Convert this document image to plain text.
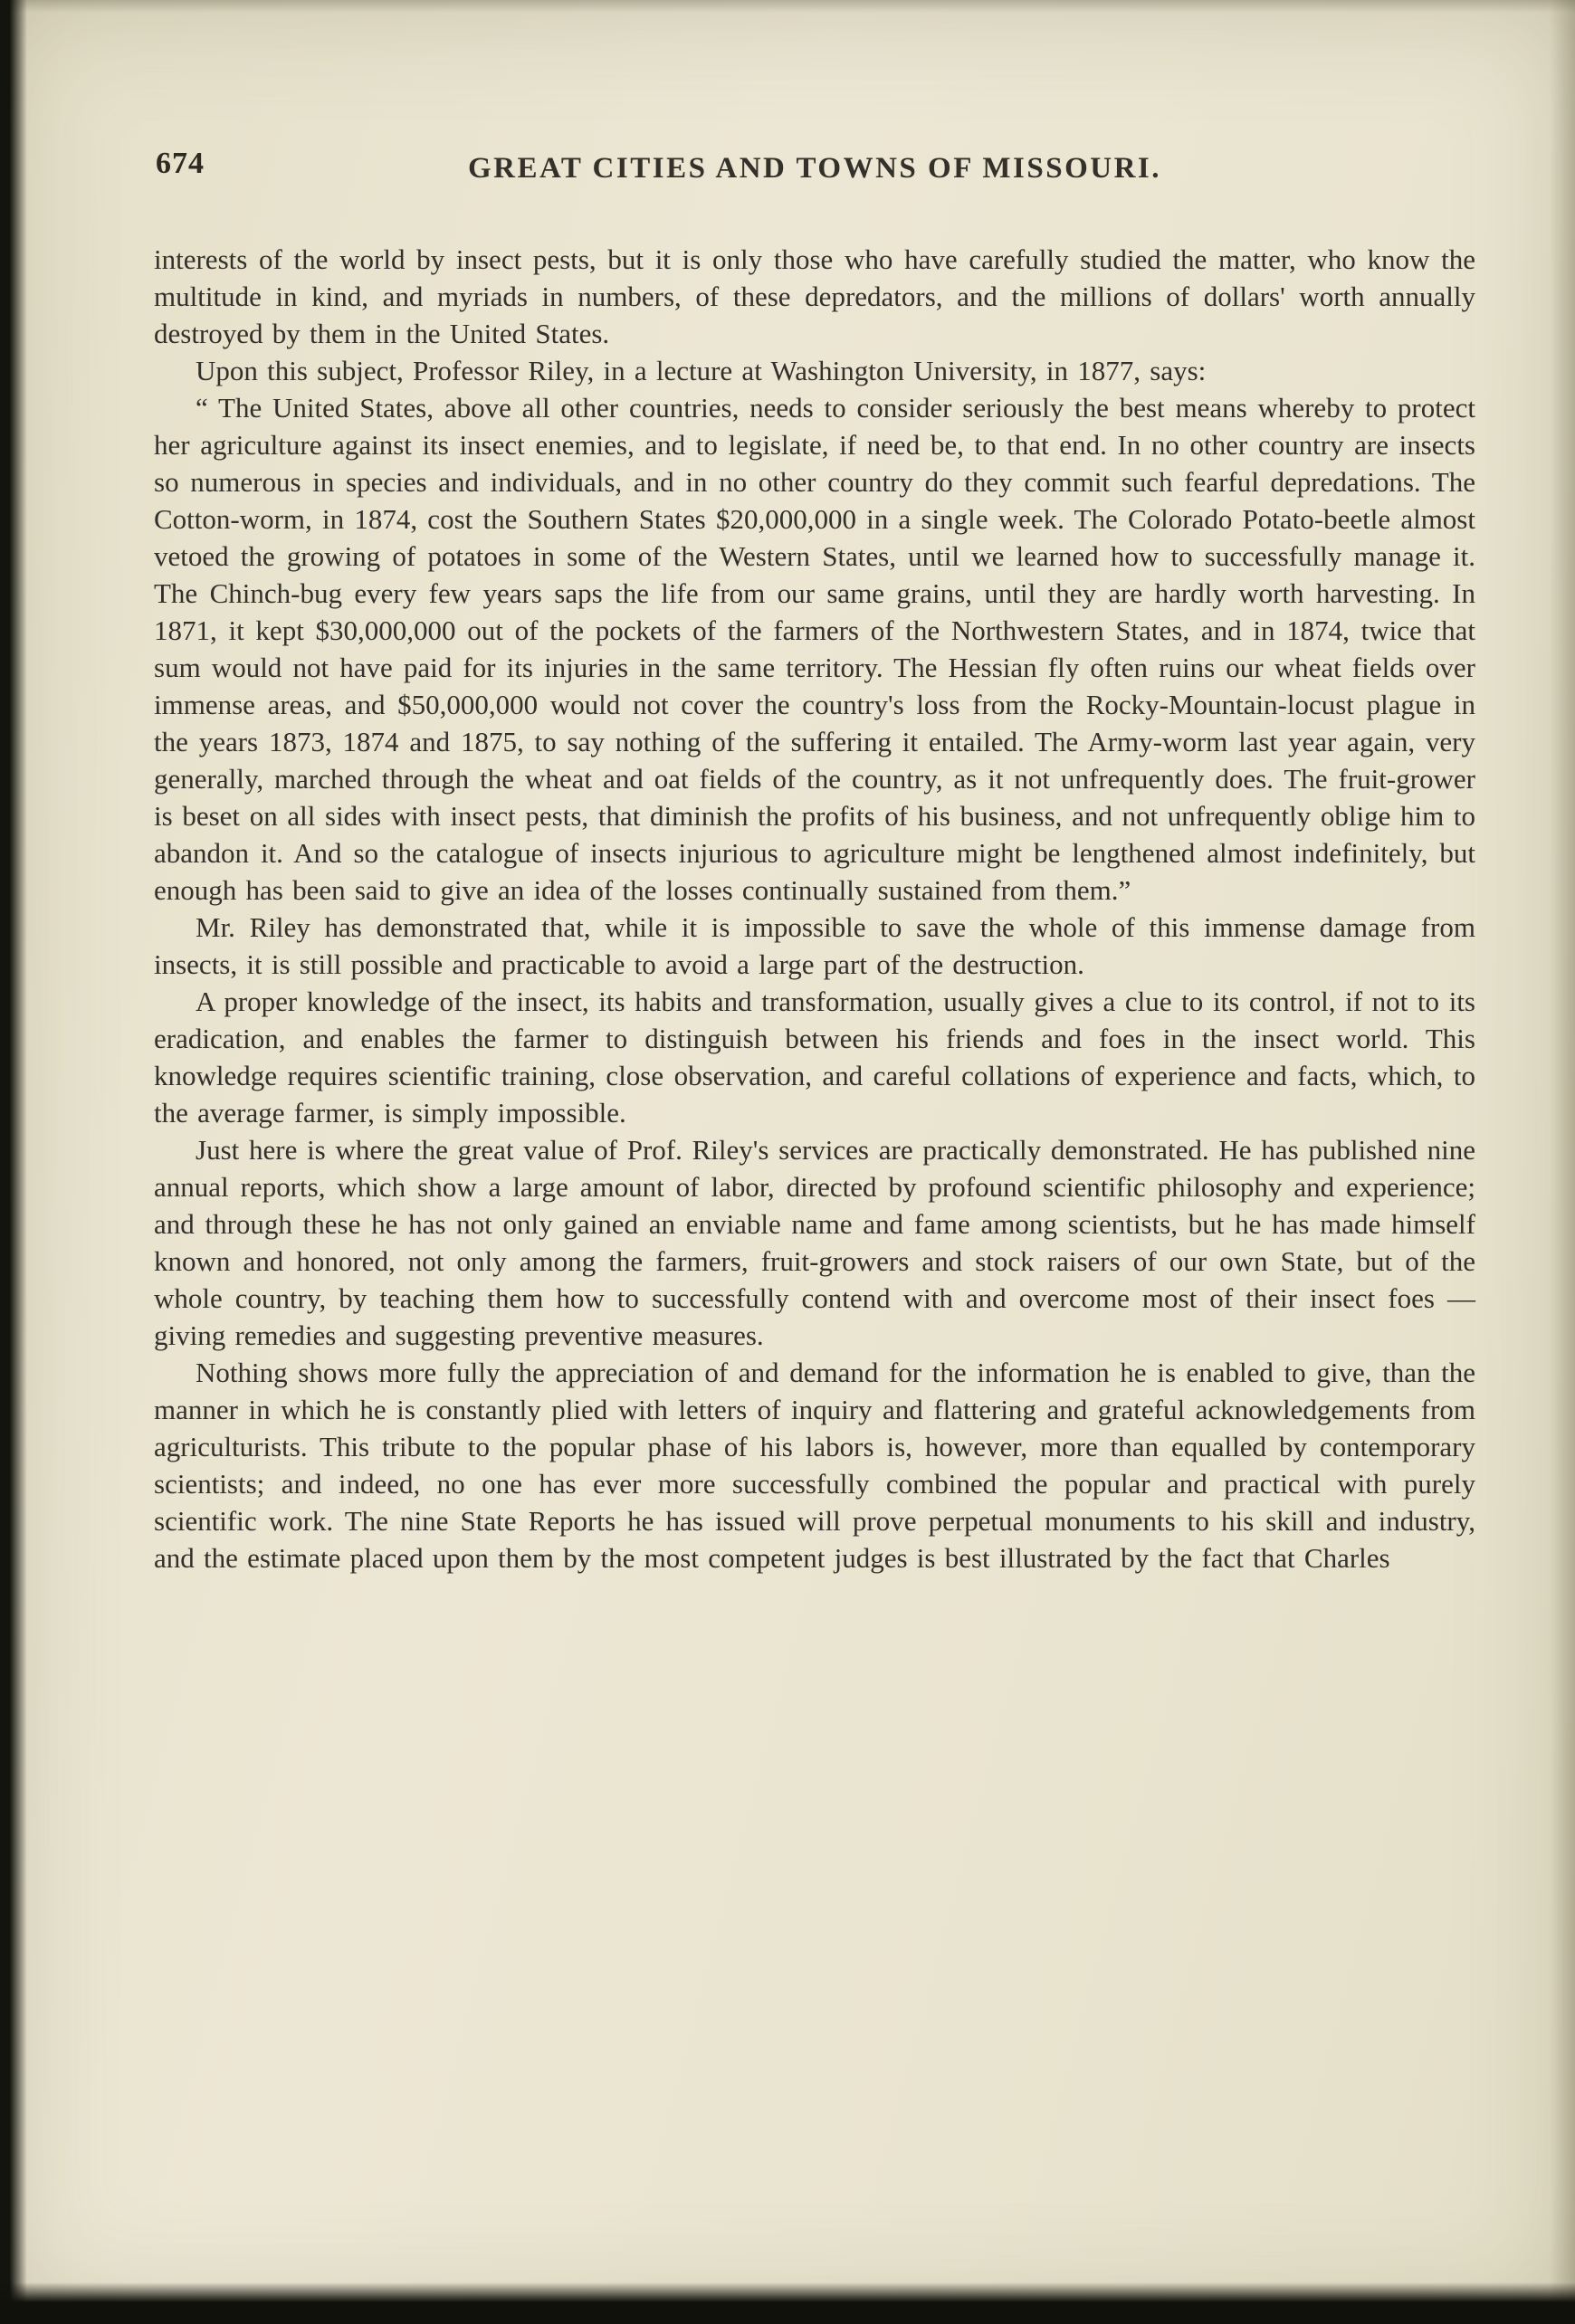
674	GREAT CITIES AND TOWNS OF MISSOURI.

interests of the world by insect pests, but it is only those who have carefully studied the matter, who know the multitude in kind, and myriads in numbers, of these depredators, and the millions of dollars' worth annually destroyed by them in the United States.

Upon this subject, Professor Riley, in a lecture at Washington University, in 1877, says:

“ The United States, above all other countries, needs to consider seriously the best means whereby to protect her agriculture against its insect enemies, and to legislate, if need be, to that end. In no other country are insects so numerous in species and individuals, and in no other country do they commit such fearful depredations. The Cotton-worm, in 1874, cost the Southern States $20,000,000 in a single week. The Colorado Potato-beetle almost vetoed the growing of potatoes in some of the Western States, until we learned how to successfully manage it. The Chinch-bug every few years saps the life from our same grains, until they are hardly worth harvesting. In 1871, it kept $30,000,000 out of the pockets of the farmers of the Northwestern States, and in 1874, twice that sum would not have paid for its injuries in the same territory. The Hessian fly often ruins our wheat fields over immense areas, and $50,000,000 would not cover the country's loss from the Rocky-Mountain-locust plague in the years 1873, 1874 and 1875, to say nothing of the suffering it entailed. The Army-worm last year again, very generally, marched through the wheat and oat fields of the country, as it not unfrequently does. The fruit-grower is beset on all sides with insect pests, that diminish the profits of his business, and not unfrequently oblige him to abandon it. And so the catalogue of insects injurious to agriculture might be lengthened almost indefinitely, but enough has been said to give an idea of the losses continually sustained from them.”

Mr. Riley has demonstrated that, while it is impossible to save the whole of this immense damage from insects, it is still possible and practicable to avoid a large part of the destruction.

A proper knowledge of the insect, its habits and transformation, usually gives a clue to its control, if not to its eradication, and enables the farmer to distinguish between his friends and foes in the insect world. This knowledge requires scientific training, close observation, and careful collations of experience and facts, which, to the average farmer, is simply impossible.

Just here is where the great value of Prof. Riley's services are practically demonstrated. He has published nine annual reports, which show a large amount of labor, directed by profound scientific philosophy and experience; and through these he has not only gained an enviable name and fame among scientists, but he has made himself known and honored, not only among the farmers, fruit-growers and stock raisers of our own State, but of the whole country, by teaching them how to successfully contend with and overcome most of their insect foes — giving remedies and suggesting preventive measures.

Nothing shows more fully the appreciation of and demand for the information he is enabled to give, than the manner in which he is constantly plied with letters of inquiry and flattering and grateful acknowledgements from agriculturists. This tribute to the popular phase of his labors is, however, more than equalled by contemporary scientists; and indeed, no one has ever more successfully combined the popular and practical with purely scientific work. The nine State Reports he has issued will prove perpetual monuments to his skill and industry, and the estimate placed upon them by the most competent judges is best illustrated by the fact that Charles
